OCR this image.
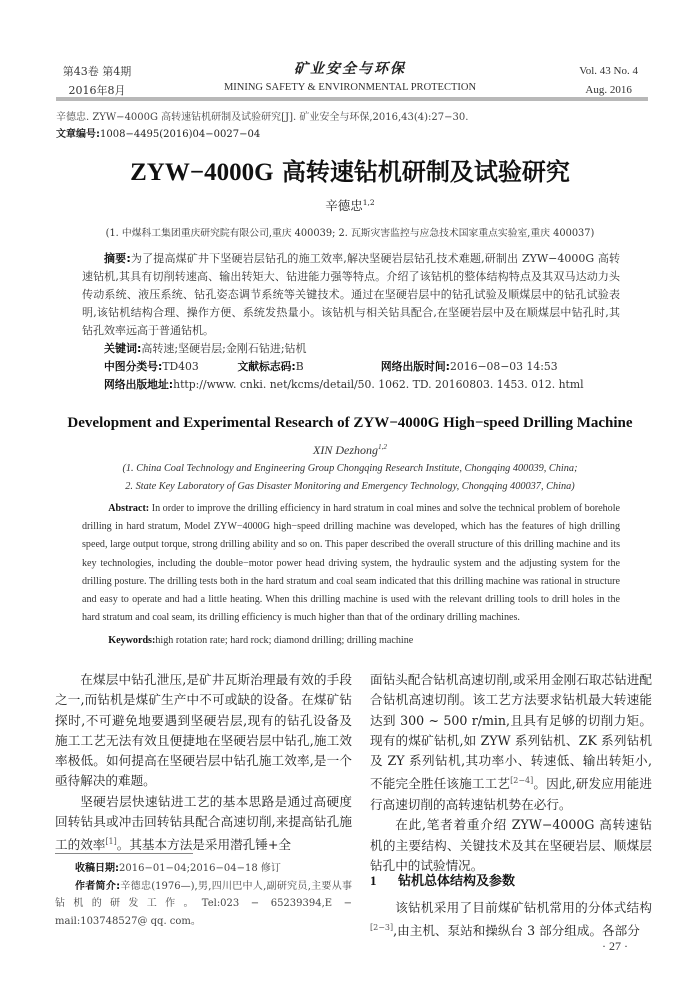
第43卷 第4期
2016年8月
矿业安全与环保
MINING SAFETY & ENVIRONMENTAL PROTECTION
Vol. 43 No. 4
Aug. 2016
辛德忠. ZYW−4000G 高转速钻机研制及试验研究[J]. 矿业安全与环保,2016,43(4):27−30.
文章编号:1008−4495(2016)04−0027−04
ZYW−4000G 高转速钻机研制及试验研究
辛德忠$^{1,2}$
(1. 中煤科工集团重庆研究院有限公司,重庆 400039; 2. 瓦斯灾害监控与应急技术国家重点实验室,重庆 400037)
摘要:为了提高煤矿井下坚硬岩层钻孔的施工效率,解决坚硬岩层钻孔技术难题,研制出 ZYW−4000G 高转速钻机,其具有切削转速高、输出转矩大、钻进能力强等特点。介绍了该钻机的整体结构特点及其双马达动力头传动系统、液压系统、钻孔姿态调节系统等关键技术。通过在坚硬岩层中的钻孔试验及顺煤层中的钻孔试验表明,该钻机结构合理、操作方便、系统发热量小。该钻机与相关钻具配合,在坚硬岩层中及在顺煤层中钻孔时,其钻孔效率远高于普通钻机。
关键词:高转速;坚硬岩层;金刚石钻进;钻机
中图分类号:TD403	文献标志码:B	网络出版时间:2016−08−03 14:53
网络出版地址:http://www. cnki. net/kcms/detail/50. 1062. TD. 20160803. 1453. 012. html
Development and Experimental Research of ZYW−4000G High−speed Drilling Machine
XIN Dezhong$^{1,2}$
(1. China Coal Technology and Engineering Group Chongqing Research Institute, Chongqing 400039, China;
2. State Key Laboratory of Gas Disaster Monitoring and Emergency Technology, Chongqing 400037, China)
Abstract: In order to improve the drilling efficiency in hard stratum in coal mines and solve the technical problem of borehole drilling in hard stratum, Model ZYW−4000G high−speed drilling machine was developed, which has the features of high drilling speed, large output torque, strong drilling ability and so on. This paper described the overall structure of this drilling machine and its key technologies, including the double−motor power head driving system, the hydraulic system and the adjusting system for the drilling posture. The drilling tests both in the hard stratum and coal seam indicated that this drilling machine was rational in structure and easy to operate and had a little heating. When this drilling machine is used with the relevant drilling tools to drill holes in the hard stratum and coal seam, its drilling efficiency is much higher than that of the ordinary drilling machines.
Keywords:high rotation rate; hard rock; diamond drilling; drilling machine

在煤层中钻孔泄压,是矿井瓦斯治理最有效的手段之一,而钻机是煤矿生产中不可或缺的设备。在煤矿钻探时,不可避免地要遇到坚硬岩层,现有的钻孔设备及施工工艺无法有效且便捷地在坚硬岩层中钻孔,施工效率极低。如何提高在坚硬岩层中钻孔施工效率,是一个亟待解决的难题。

坚硬岩层快速钻进工艺的基本思路是通过高硬度回转钻具或冲击回转钻具配合高速切削,来提高钻孔施工的效率[1]。其基本方法是采用潜孔锤+全

收稿日期:2016−01−04;2016−04−18 修订

作者简介:辛德忠(1976—),男,四川巴中人,副研究员,主要从事钻机的研发工作。Tel:023 − 65239394,E − mail:103748527@ qq. com。

面钻头配合钻机高速切削,或采用金刚石取芯钻进配合钻机高速切削。该工艺方法要求钻机最大转速能达到 300 ~ 500 r/min,且具有足够的切削力矩。现有的煤矿钻机,如 ZYW 系列钻机、ZK 系列钻机及 ZY 系列钻机,其功率小、转速低、输出转矩小,不能完全胜任该施工工艺[2−4]。因此,研发应用能进行高速切削的高转速钻机势在必行。

在此,笔者着重介绍 ZYW−4000G 高转速钻机的主要结构、关键技术及其在坚硬岩层、顺煤层钻孔中的试验情况。

1 钻机总体结构及参数

该钻机采用了目前煤矿钻机常用的分体式结构[2−3],由主机、泵站和操纵台 3 部分组成。各部分

· 27 ·
